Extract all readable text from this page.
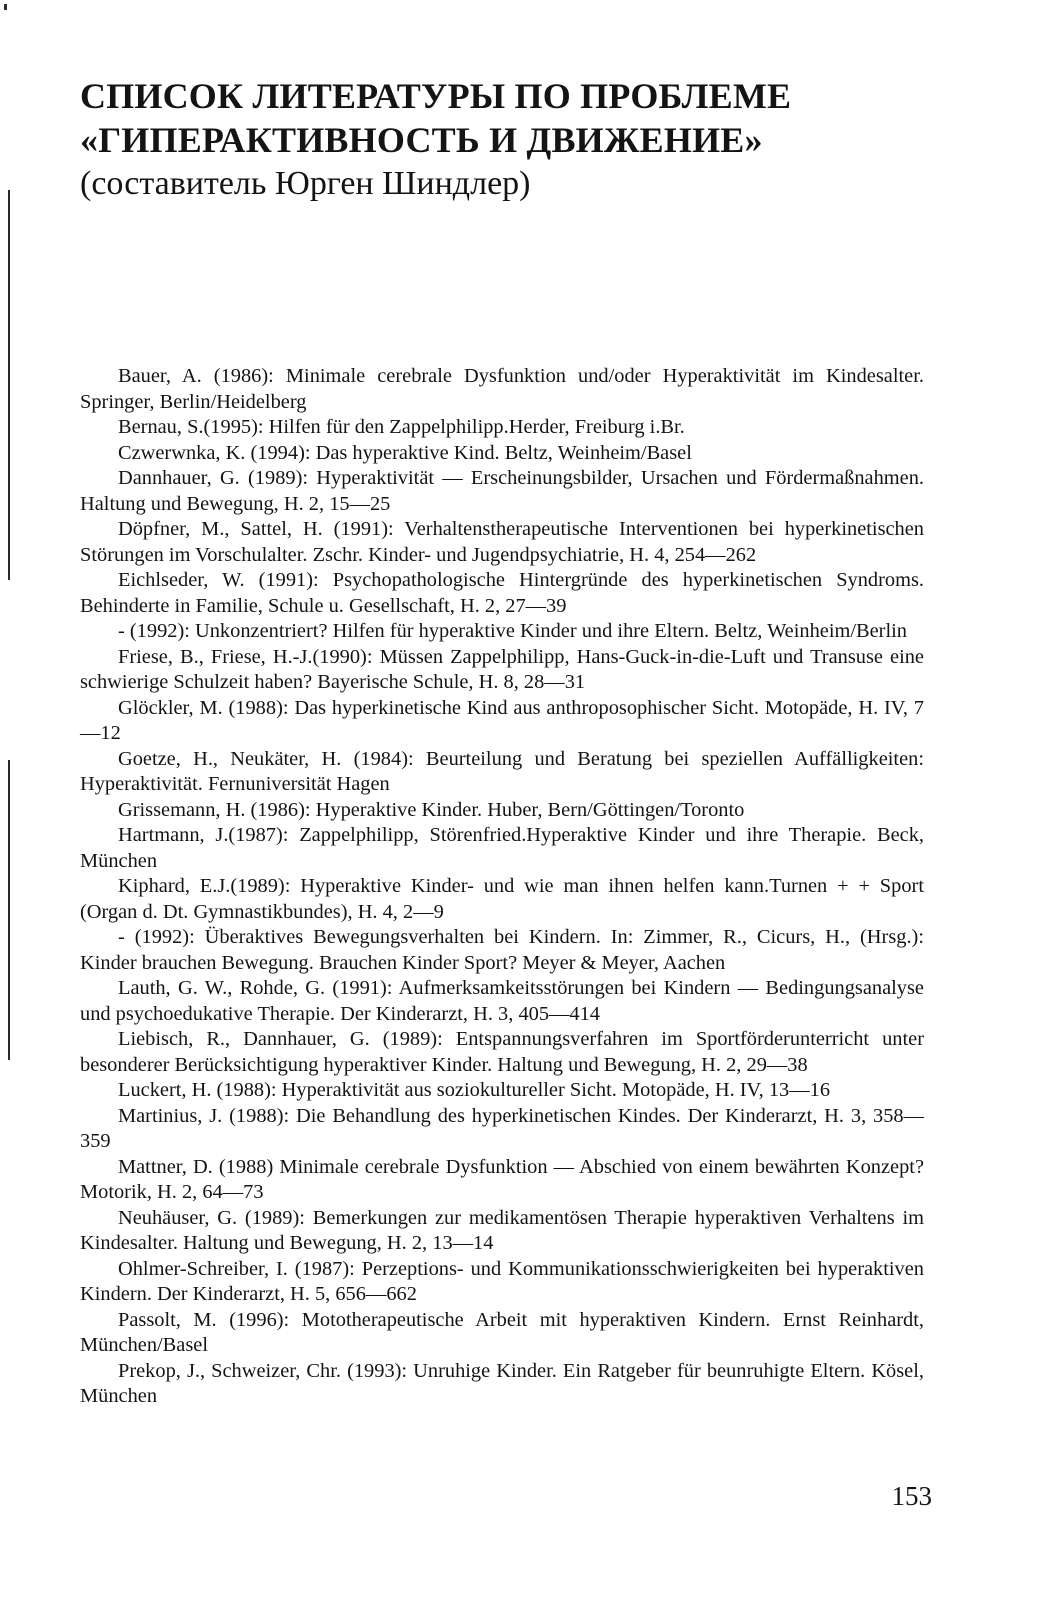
СПИСОК ЛИТЕРАТУРЫ ПО ПРОБЛЕМЕ
«ГИПЕРАКТИВНОСТЬ И ДВИЖЕНИЕ»
(составитель Юрген Шиндлер)
Bauer, A. (1986): Minimale cerebrale Dysfunktion und/oder Hyperaktivität im Kindesalter. Springer, Berlin/Heidelberg
Bernau, S.(1995): Hilfen für den Zappelphilipp.Herder, Freiburg i.Br.
Czwerwnka, K. (1994): Das hyperaktive Kind. Beltz, Weinheim/Basel
Dannhauer, G. (1989): Hyperaktivität — Erscheinungsbilder, Ursachen und Fördermaßnahmen. Haltung und Bewegung, H. 2, 15—25
Döpfner, M., Sattel, H. (1991): Verhaltenstherapeutische Interventionen bei hyperkinetischen Störungen im Vorschulalter. Zschr. Kinder- und Jugendpsychiatrie, H. 4, 254—262
Eichlseder, W. (1991): Psychopathologische Hintergründe des hyperkinetischen Syndroms. Behinderte in Familie, Schule u. Gesellschaft, H. 2, 27—39
- (1992): Unkonzentriert? Hilfen für hyperaktive Kinder und ihre Eltern. Beltz, Weinheim/Berlin
Friese, B., Friese, H.-J.(1990): Müssen Zappelphilipp, Hans-Guck-in-die-Luft und Transuse eine schwierige Schulzeit haben? Bayerische Schule, H. 8, 28—31
Glöckler, M. (1988): Das hyperkinetische Kind aus anthroposophischer Sicht. Motopäde, H. IV, 7—12
Goetze, H., Neukäter, H. (1984): Beurteilung und Beratung bei speziellen Auffälligkeiten: Hyperaktivität. Fernuniversität Hagen
Grissemann, H. (1986): Hyperaktive Kinder. Huber, Bern/Göttingen/Toronto
Hartmann, J.(1987): Zappelphilipp, Störenfried.Hyperaktive Kinder und ihre Therapie. Beck, München
Kiphard, E.J.(1989): Hyperaktive Kinder- und wie man ihnen helfen kann.Turnen + + Sport (Organ d. Dt. Gymnastikbundes), H. 4, 2—9
- (1992): Überaktives Bewegungsverhalten bei Kindern. In: Zimmer, R., Cicurs, H., (Hrsg.): Kinder brauchen Bewegung. Brauchen Kinder Sport? Meyer & Meyer, Aachen
Lauth, G. W., Rohde, G. (1991): Aufmerksamkeitsstörungen bei Kindern — Bedingungsanalyse und psychoedukative Therapie. Der Kinderarzt, H. 3, 405—414
Liebisch, R., Dannhauer, G. (1989): Entspannungsverfahren im Sportförderunterricht unter besonderer Berücksichtigung hyperaktiver Kinder. Haltung und Bewegung, H. 2, 29—38
Luckert, H. (1988): Hyperaktivität aus soziokultureller Sicht. Motopäde, H. IV, 13—16
Martinius, J. (1988): Die Behandlung des hyperkinetischen Kindes. Der Kinderarzt, H. 3, 358—359
Mattner, D. (1988) Minimale cerebrale Dysfunktion — Abschied von einem bewährten Konzept? Motorik, H. 2, 64—73
Neuhäuser, G. (1989): Bemerkungen zur medikamentösen Therapie hyperaktiven Verhaltens im Kindesalter. Haltung und Bewegung, H. 2, 13—14
Ohlmer-Schreiber, I. (1987): Perzeptions- und Kommunikationsschwierigkeiten bei hyperaktiven Kindern. Der Kinderarzt, H. 5, 656—662
Passolt, M. (1996): Mototherapeutische Arbeit mit hyperaktiven Kindern. Ernst Reinhardt, München/Basel
Prekop, J., Schweizer, Chr. (1993): Unruhige Kinder. Ein Ratgeber für beunruhigte Eltern. Kösel, München
153
